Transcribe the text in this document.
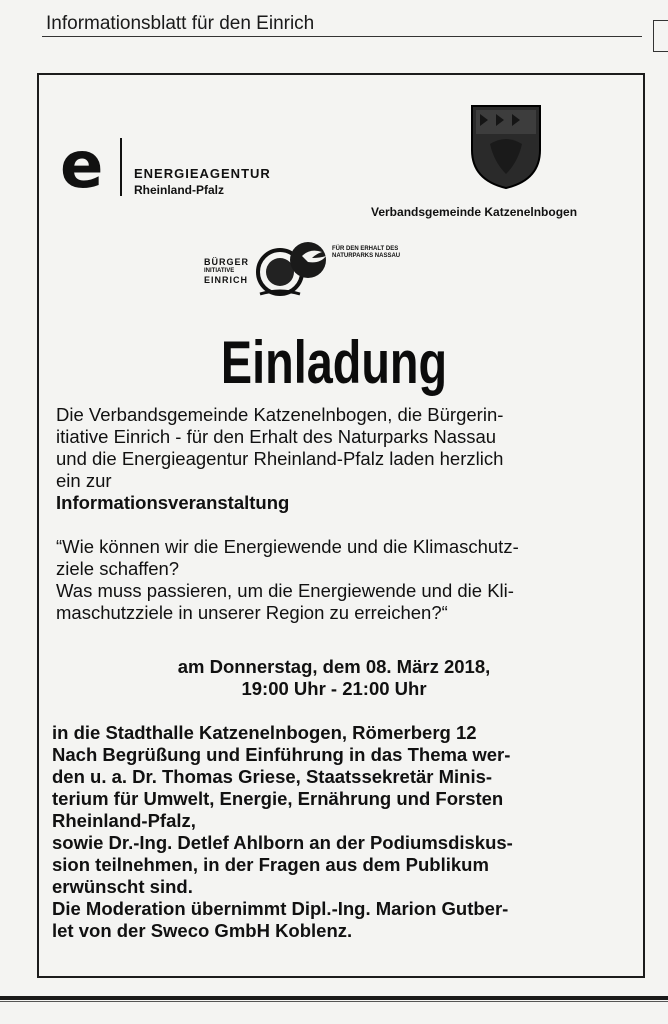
Informationsblatt für den Einrich
e ENERGIEAGENTUR
Rheinland-Pfalz
Verbandsgemeinde Katzenelnbogen
BÜRGER
INITIATIVE
EINRICH
FÜR DEN ERHALT DES
NATURPARKS NASSAU
Einladung
Die Verbandsgemeinde Katzenelnbogen, die Bürgerin-
itiative Einrich - für den Erhalt des Naturparks Nassau
und die Energieagentur Rheinland-Pfalz laden herzlich
ein zur
Informationsveranstaltung
“Wie können wir die Energiewende und die Klimaschutz-
ziele schaffen?
Was muss passieren, um die Energiewende und die Kli-
maschutzziele in unserer Region zu erreichen?“
am Donnerstag, dem 08. März 2018,
19:00 Uhr - 21:00 Uhr
in die Stadthalle Katzenelnbogen, Römerberg 12
Nach Begrüßung und Einführung in das Thema wer-
den u. a. Dr. Thomas Griese, Staatssekretär Minis-
terium für Umwelt, Energie, Ernährung und Forsten
Rheinland-Pfalz,
sowie Dr.-Ing. Detlef Ahlborn an der Podiumsdiskus-
sion teilnehmen, in der Fragen aus dem Publikum
erwünscht sind.
Die Moderation übernimmt Dipl.-Ing. Marion Gutber-
let von der Sweco GmbH Koblenz.
